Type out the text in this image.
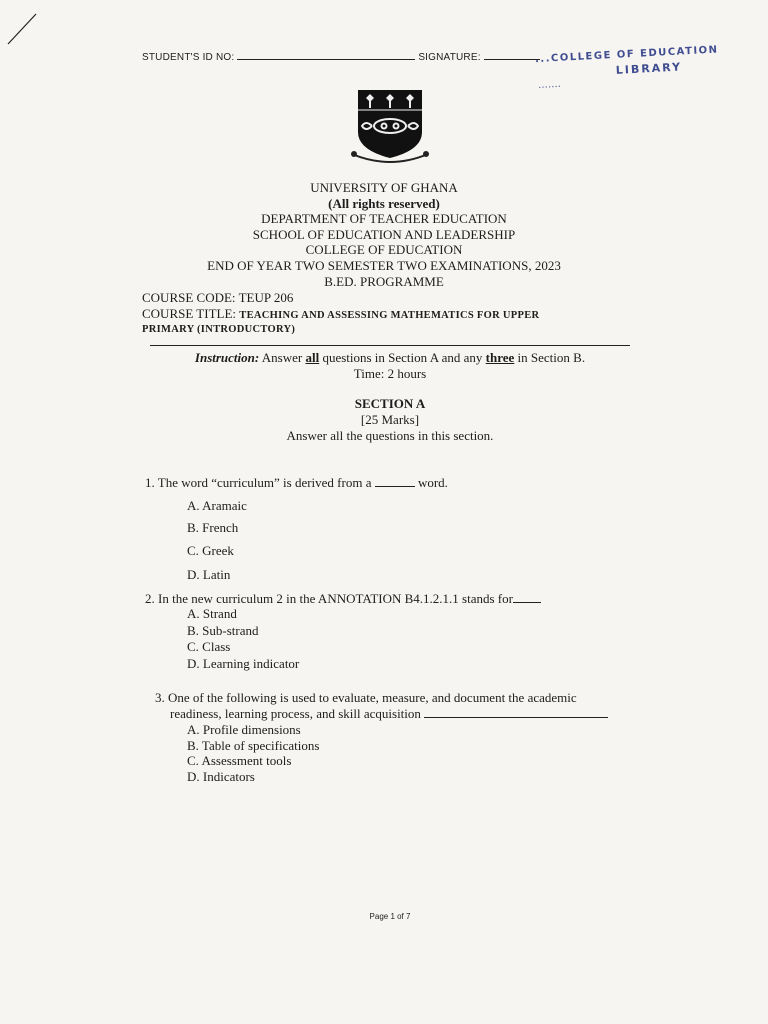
STUDENT'S ID NO:	SIGNATURE:	...COLLEGE OF EDUCATION
LIBRARY
.......
UNIVERSITY OF GHANA
(All rights reserved)
DEPARTMENT OF TEACHER EDUCATION
SCHOOL OF EDUCATION AND LEADERSHIP
COLLEGE OF EDUCATION
END OF YEAR TWO SEMESTER TWO EXAMINATIONS, 2023
B.ED. PROGRAMME
COURSE CODE: TEUP 206
COURSE TITLE: TEACHING AND ASSESSING MATHEMATICS FOR UPPER
PRIMARY (INTRODUCTORY)
Instruction: Answer all questions in Section A and any three in Section B.
Time: 2 hours
SECTION A
[25 Marks]
Answer all the questions in this section.
1. The word “curriculum” is derived from a	word.
A. Aramaic
B. French
C. Greek
D. Latin
2. In the new curriculum 2 in the ANNOTATION B4.1.2.1.1 stands for
A. Strand
B. Sub-strand
C. Class
D. Learning indicator
3. One of the following is used to evaluate, measure, and document the academic
readiness, learning process, and skill acquisition
A. Profile dimensions
B. Table of specifications
C. Assessment tools
D. Indicators
Page 1 of 7
